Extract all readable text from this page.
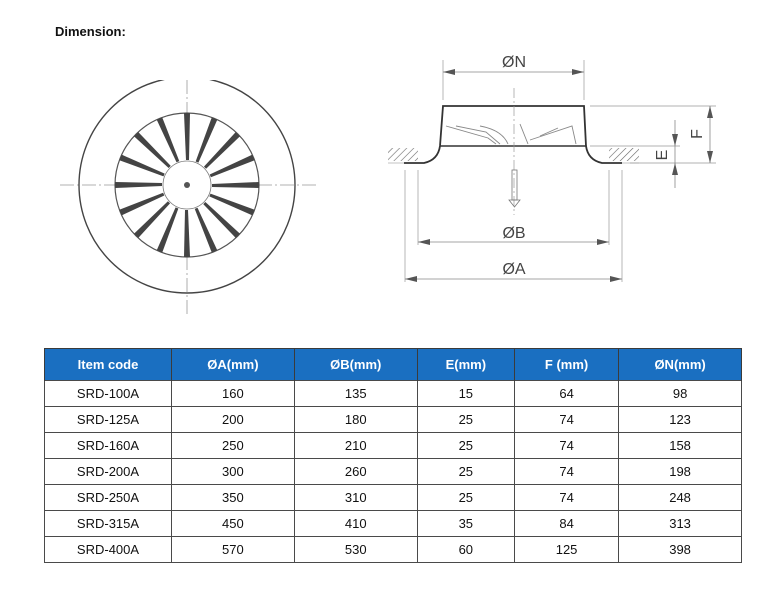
Dimension:
ØN
ØB
ØA
F
E
Item code	ØA(mm)	ØB(mm)	E(mm)	F (mm)	ØN(mm)
SRD-100A	160	135	15	64	98
SRD-125A	200	180	25	74	123
SRD-160A	250	210	25	74	158
SRD-200A	300	260	25	74	198
SRD-250A	350	310	25	74	248
SRD-315A	450	410	35	84	313
SRD-400A	570	530	60	125	398
